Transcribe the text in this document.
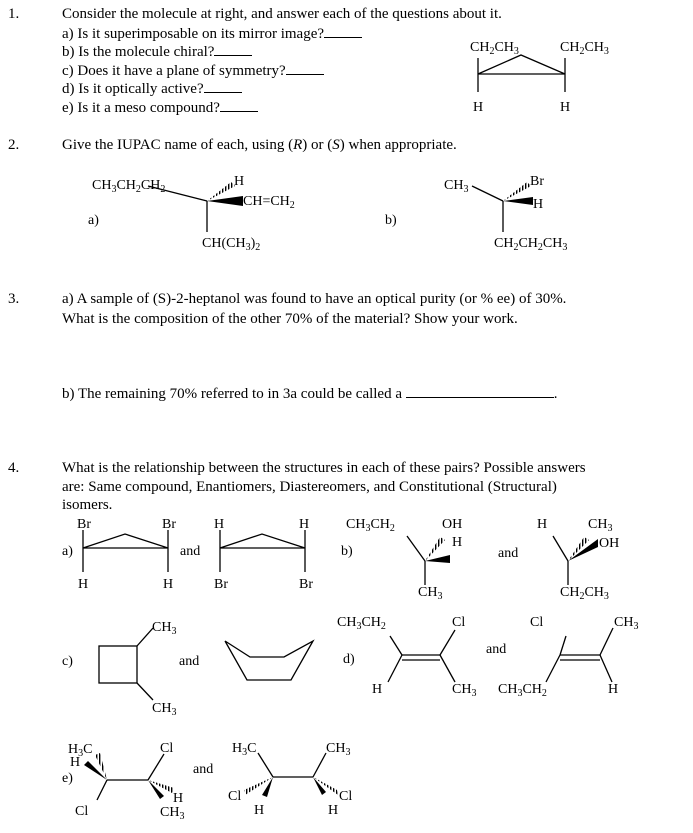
1.	Consider the molecule at right, and answer each of the questions about it.
a) Is it superimposable on its mirror image?
b) Is the molecule chiral?
c) Does it have a plane of symmetry?
d) Is it optically active?
e) Is it a meso compound?
2.	Give the IUPAC name of each, using (R) or (S) when appropriate.
3.	a) A sample of (S)-2-heptanol was found to have an optical purity (or % ee) of 30%.
What is the composition of the other 70% of the material? Show your work.
b) The remaining 70% referred to in 3a could be called a	.
4.	What is the relationship between the structures in each of these pairs? Possible answers
are: Same compound, Enantiomers, Diastereomers, and Constitutional (Structural)
isomers.
$CH_2CH_3$	$CH_2CH_3$
H	H
$CH_3CH_2CH_2$
H
$CH=CH_2$
a)
$CH(CH_3)_2$
$CH_3$
Br
H
b)
$CH_2CH_2CH_3$
Br	Br	H	H
a)	and
H	H	Br	Br
$CH_3CH_2$	OH
H
b)
$CH_3$
and
H	$CH_3$
OH
$CH_2CH_3$
$CH_3$
c)	and
$CH_3$
$CH_3CH_2$	Cl
d)
H	$CH_3$
and
Cl	$CH_3$
$CH_3CH_2$	H
$H_3C$
H
e)
Cl
Cl
H
$CH_3$
and
$H_3C$	$CH_3$
Cl
H
Cl
H
